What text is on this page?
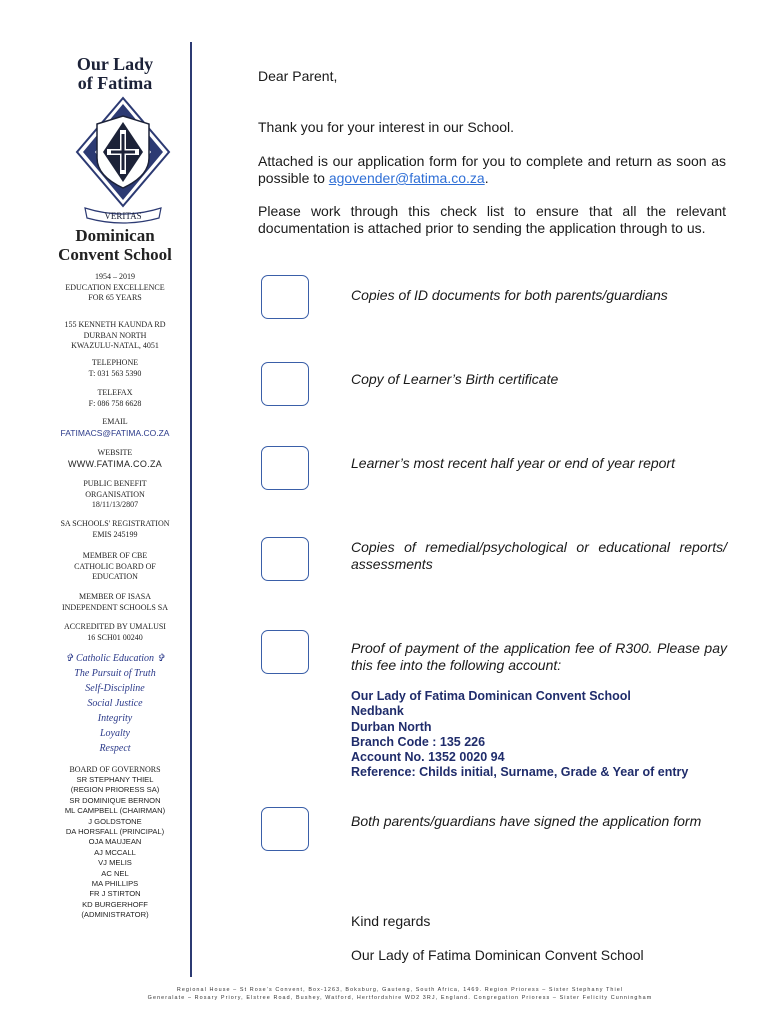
Our Lady
of Fatima
VERITAS
Dominican
Convent School
1954 – 2019
EDUCATION EXCELLENCE
FOR 65 YEARS
155 KENNETH KAUNDA RD
DURBAN NORTH
KWAZULU-NATAL, 4051
TELEPHONE
T: 031 563 5390
TELEFAX
F: 086 758 6628
EMAIL
FATIMACS@FATIMA.CO.ZA
WEBSITE
WWW.FATIMA.CO.ZA
PUBLIC BENEFIT
ORGANISATION
18/11/13/2807
SA SCHOOLS' REGISTRATION
EMIS 245199
MEMBER OF CBE
CATHOLIC BOARD OF
EDUCATION
MEMBER OF ISASA
INDEPENDENT SCHOOLS SA
ACCREDITED BY UMALUSI
16 SCH01 00240
✞ Catholic Education ✞
The Pursuit of Truth
Self-Discipline
Social Justice
Integrity
Loyalty
Respect
BOARD OF GOVERNORS
SR STEPHANY THIEL
(REGION PRIORESS SA)
SR DOMINIQUE BERNON
ML CAMPBELL (CHAIRMAN)
J GOLDSTONE
DA HORSFALL (PRINCIPAL)
OJA MAUJEAN
AJ MCCALL
VJ MELIS
AC NEL
MA PHILLIPS
FR J STIRTON
KD BURGERHOFF
(ADMINISTRATOR)
Dear Parent,
Thank you for your interest in our School.
Attached is our application form for you to complete and return as soon as possible to agovender@fatima.co.za.
Please work through this check list to ensure that all the relevant documentation is attached prior to sending the application through to us.
Copies of ID documents for both parents/guardians
Copy of Learner’s Birth certificate
Learner’s most recent half year or end of year report
Copies of remedial/psychological or educational reports/ assessments
Proof of payment of the application fee of R300. Please pay this fee into the following account:
Our Lady of Fatima Dominican Convent School
Nedbank
Durban North
Branch Code : 135 226
Account No. 1352 0020 94
Reference: Childs initial, Surname, Grade & Year of entry
Both parents/guardians have signed the application form
Kind regards
Our Lady of Fatima Dominican Convent School
Regional House – St Rose’s Convent, Box-1263, Boksburg, Gauteng, South Africa, 1469. Region Prioress – Sister Stephany Thiel
Generalate – Rosary Priory, Elstree Road, Bushey, Watford, Hertfordshire WD2 3RJ, England. Congregation Prioress – Sister Felicity Cunningham
